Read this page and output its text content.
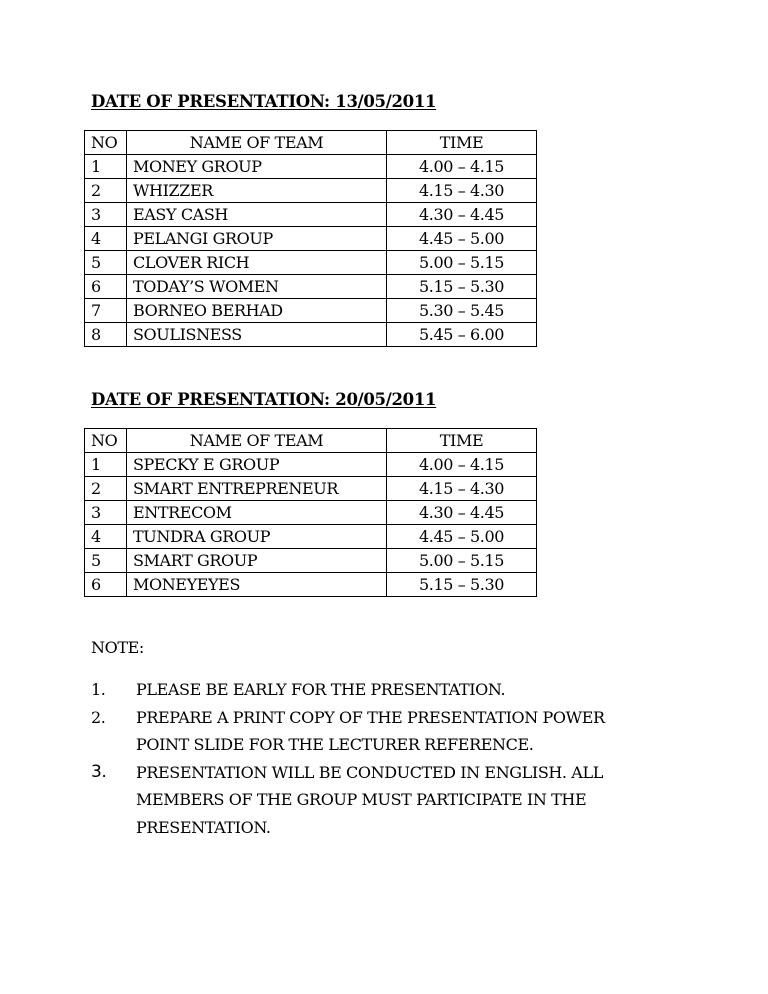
DATE OF PRESENTATION: 13/05/2011
NO	NAME OF TEAM	TIME
1	MONEY GROUP	4.00 – 4.15
2	WHIZZER	4.15 – 4.30
3	EASY CASH	4.30 – 4.45
4	PELANGI GROUP	4.45 – 5.00
5	CLOVER RICH	5.00 – 5.15
6	TODAY’S WOMEN	5.15 – 5.30
7	BORNEO BERHAD	5.30 – 5.45
8	SOULISNESS	5.45 – 6.00
DATE OF PRESENTATION: 20/05/2011
NO	NAME OF TEAM	TIME
1	SPECKY E GROUP	4.00 – 4.15
2	SMART ENTREPRENEUR	4.15 – 4.30
3	ENTRECOM	4.30 – 4.45
4	TUNDRA GROUP	4.45 – 5.00
5	SMART GROUP	5.00 – 5.15
6	MONEYEYES	5.15 – 5.30
NOTE:
1. PLEASE BE EARLY FOR THE PRESENTATION.
2. PREPARE A PRINT COPY OF THE PRESENTATION POWER POINT SLIDE FOR THE LECTURER REFERENCE.
3. PRESENTATION WILL BE CONDUCTED IN ENGLISH. ALL MEMBERS OF THE GROUP MUST PARTICIPATE IN THE PRESENTATION.
